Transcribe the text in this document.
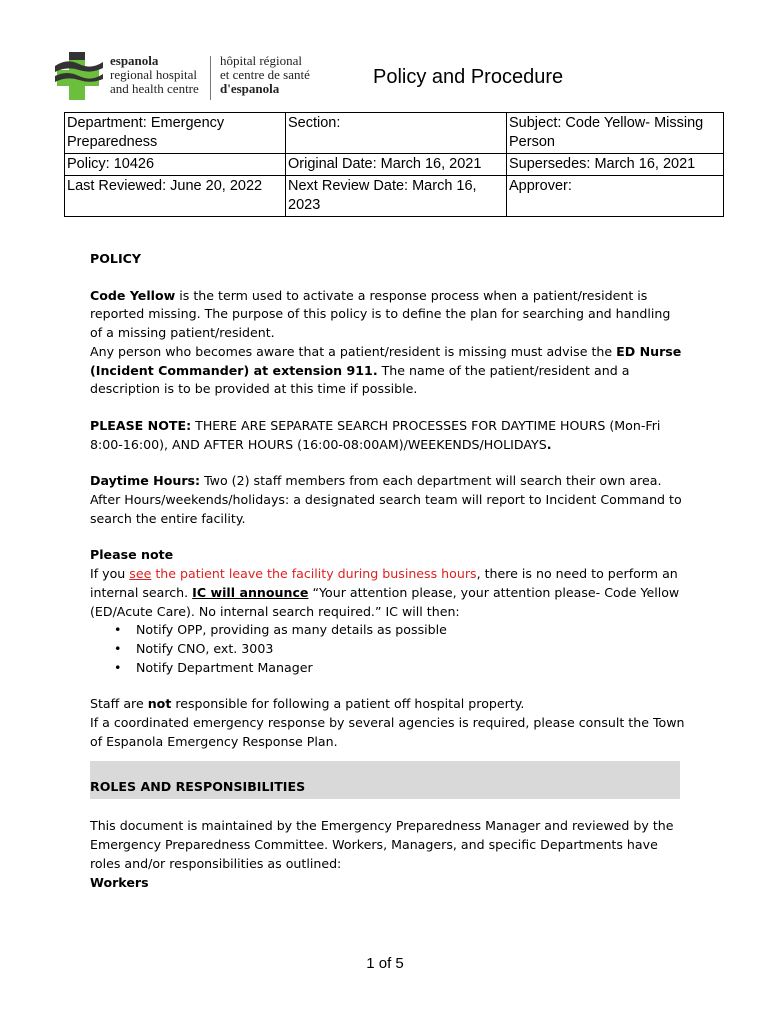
espanola
regional hospital
and health centre
hôpital régional
et centre de santé
d'espanola
Policy and Procedure
Department: Emergency Preparedness	Section:	Subject: Code Yellow- Missing Person
Policy: 10426	Original Date: March 16, 2021	Supersedes: March 16, 2021
Last Reviewed: June 20, 2022	Next Review Date: March 16, 2023	Approver:

POLICY

Code Yellow is the term used to activate a response process when a patient/resident is reported missing. The purpose of this policy is to define the plan for searching and handling of a missing patient/resident.

Any person who becomes aware that a patient/resident is missing must advise the ED Nurse (Incident Commander) at extension 911. The name of the patient/resident and a description is to be provided at this time if possible.

PLEASE NOTE: THERE ARE SEPARATE SEARCH PROCESSES FOR DAYTIME HOURS (Mon-Fri 8:00-16:00), AND AFTER HOURS (16:00-08:00AM)/WEEKENDS/HOLIDAYS.

Daytime Hours: Two (2) staff members from each department will search their own area.

After Hours/weekends/holidays: a designated search team will report to Incident Command to search the entire facility.

Please note

If you see the patient leave the facility during business hours, there is no need to perform an internal search. IC will announce “Your attention please, your attention please- Code Yellow (ED/Acute Care). No internal search required.” IC will then:

• Notify OPP, providing as many details as possible
• Notify CNO, ext. 3003
• Notify Department Manager

Staff are not responsible for following a patient off hospital property.

If a coordinated emergency response by several agencies is required, please consult the Town of Espanola Emergency Response Plan.

ROLES AND RESPONSIBILITIES

This document is maintained by the Emergency Preparedness Manager and reviewed by the Emergency Preparedness Committee. Workers, Managers, and specific Departments have roles and/or responsibilities as outlined:

Workers

1 of 5
